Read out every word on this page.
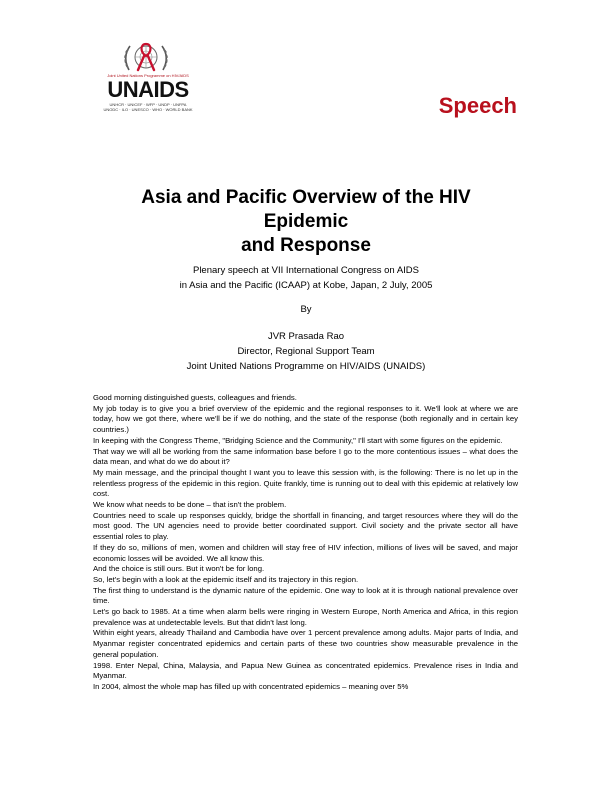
Joint United Nations Programme on HIV/AIDS
UNAIDS
UNHCR · UNICEF · WFP · UNDP · UNFPA
UNODC · ILO · UNESCO · WHO · WORLD BANK	Speech
Asia and Pacific Overview of the HIV Epidemic
and Response
Plenary speech at VII International Congress on AIDS
in Asia and the Pacific (ICAAP) at Kobe, Japan, 2 July, 2005
By
JVR Prasada Rao
Director, Regional Support Team
Joint United Nations Programme on HIV/AIDS (UNAIDS)

Good morning distinguished guests, colleagues and friends.

My job today is to give you a brief overview of the epidemic and the regional responses to it. We'll look at where we are today, how we got there, where we'll be if we do nothing, and the state of the response (both regionally and in certain key countries.)

In keeping with the Congress Theme, "Bridging Science and the Community," I'll start with some figures on the epidemic.

That way we will all be working from the same information base before I go to the more contentious issues – what does the data mean, and what do we do about it?

My main message, and the principal thought I want you to leave this session with, is the following: There is no let up in the relentless progress of the epidemic in this region. Quite frankly, time is running out to deal with this epidemic at relatively low cost.

We know what needs to be done – that isn't the problem.

Countries need to scale up responses quickly, bridge the shortfall in financing, and target resources where they will do the most good. The UN agencies need to provide better coordinated support. Civil society and the private sector all have essential roles to play.

If they do so, millions of men, women and children will stay free of HIV infection, millions of lives will be saved, and major economic losses will be avoided. We all know this.

And the choice is still ours. But it won't be for long.

So, let's begin with a look at the epidemic itself and its trajectory in this region.

The first thing to understand is the dynamic nature of the epidemic. One way to look at it is through national prevalence over time.

Let's go back to 1985. At a time when alarm bells were ringing in Western Europe, North America and Africa, in this region prevalence was at undetectable levels. But that didn't last long.

Within eight years, already Thailand and Cambodia have over 1 percent prevalence among adults. Major parts of India, and Myanmar register concentrated epidemics and certain parts of these two countries show measurable prevalence in the general population.

1998. Enter Nepal, China, Malaysia, and Papua New Guinea as concentrated epidemics. Prevalence rises in India and Myanmar.

In 2004, almost the whole map has filled up with concentrated epidemics – meaning over 5%
